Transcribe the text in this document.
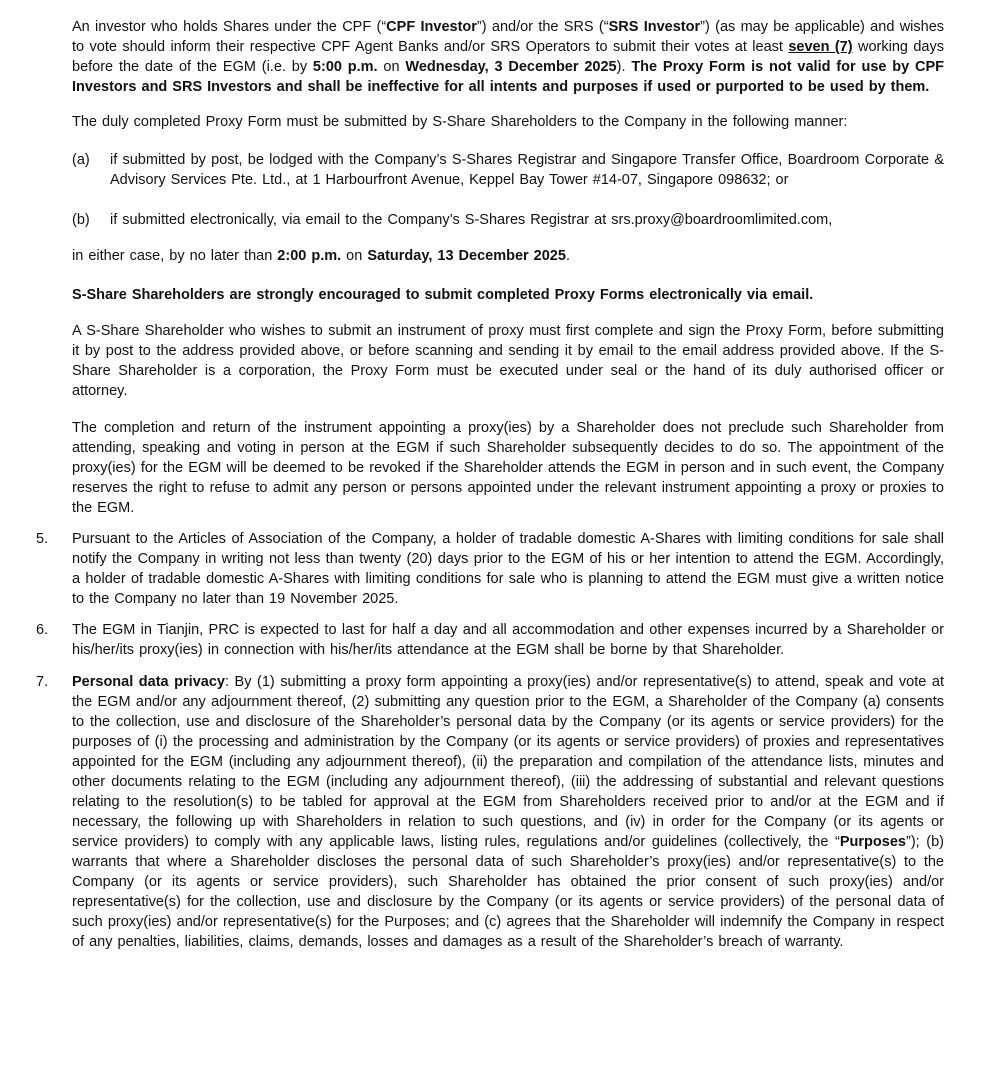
An investor who holds Shares under the CPF (“CPF Investor”) and/or the SRS (“SRS Investor”) (as may be applicable) and wishes to vote should inform their respective CPF Agent Banks and/or SRS Operators to submit their votes at least seven (7) working days before the date of the EGM (i.e. by 5:00 p.m. on Wednesday, 3 December 2025). The Proxy Form is not valid for use by CPF Investors and SRS Investors and shall be ineffective for all intents and purposes if used or purported to be used by them.
The duly completed Proxy Form must be submitted by S-Share Shareholders to the Company in the following manner:
(a) if submitted by post, be lodged with the Company’s S-Shares Registrar and Singapore Transfer Office, Boardroom Corporate & Advisory Services Pte. Ltd., at 1 Harbourfront Avenue, Keppel Bay Tower #14-07, Singapore 098632; or
(b) if submitted electronically, via email to the Company’s S-Shares Registrar at srs.proxy@boardroomlimited.com,
in either case, by no later than 2:00 p.m. on Saturday, 13 December 2025.
S-Share Shareholders are strongly encouraged to submit completed Proxy Forms electronically via email.
A S-Share Shareholder who wishes to submit an instrument of proxy must first complete and sign the Proxy Form, before submitting it by post to the address provided above, or before scanning and sending it by email to the email address provided above. If the S-Share Shareholder is a corporation, the Proxy Form must be executed under seal or the hand of its duly authorised officer or attorney.
The completion and return of the instrument appointing a proxy(ies) by a Shareholder does not preclude such Shareholder from attending, speaking and voting in person at the EGM if such Shareholder subsequently decides to do so. The appointment of the proxy(ies) for the EGM will be deemed to be revoked if the Shareholder attends the EGM in person and in such event, the Company reserves the right to refuse to admit any person or persons appointed under the relevant instrument appointing a proxy or proxies to the EGM.
5. Pursuant to the Articles of Association of the Company, a holder of tradable domestic A-Shares with limiting conditions for sale shall notify the Company in writing not less than twenty (20) days prior to the EGM of his or her intention to attend the EGM. Accordingly, a holder of tradable domestic A-Shares with limiting conditions for sale who is planning to attend the EGM must give a written notice to the Company no later than 19 November 2025.
6. The EGM in Tianjin, PRC is expected to last for half a day and all accommodation and other expenses incurred by a Shareholder or his/her/its proxy(ies) in connection with his/her/its attendance at the EGM shall be borne by that Shareholder.
7. Personal data privacy: By (1) submitting a proxy form appointing a proxy(ies) and/or representative(s) to attend, speak and vote at the EGM and/or any adjournment thereof, (2) submitting any question prior to the EGM, a Shareholder of the Company (a) consents to the collection, use and disclosure of the Shareholder’s personal data by the Company (or its agents or service providers) for the purposes of (i) the processing and administration by the Company (or its agents or service providers) of proxies and representatives appointed for the EGM (including any adjournment thereof), (ii) the preparation and compilation of the attendance lists, minutes and other documents relating to the EGM (including any adjournment thereof), (iii) the addressing of substantial and relevant questions relating to the resolution(s) to be tabled for approval at the EGM from Shareholders received prior to and/or at the EGM and if necessary, the following up with Shareholders in relation to such questions, and (iv) in order for the Company (or its agents or service providers) to comply with any applicable laws, listing rules, regulations and/or guidelines (collectively, the “Purposes”); (b) warrants that where a Shareholder discloses the personal data of such Shareholder’s proxy(ies) and/or representative(s) to the Company (or its agents or service providers), such Shareholder has obtained the prior consent of such proxy(ies) and/or representative(s) for the collection, use and disclosure by the Company (or its agents or service providers) of the personal data of such proxy(ies) and/or representative(s) for the Purposes; and (c) agrees that the Shareholder will indemnify the Company in respect of any penalties, liabilities, claims, demands, losses and damages as a result of the Shareholder’s breach of warranty.
